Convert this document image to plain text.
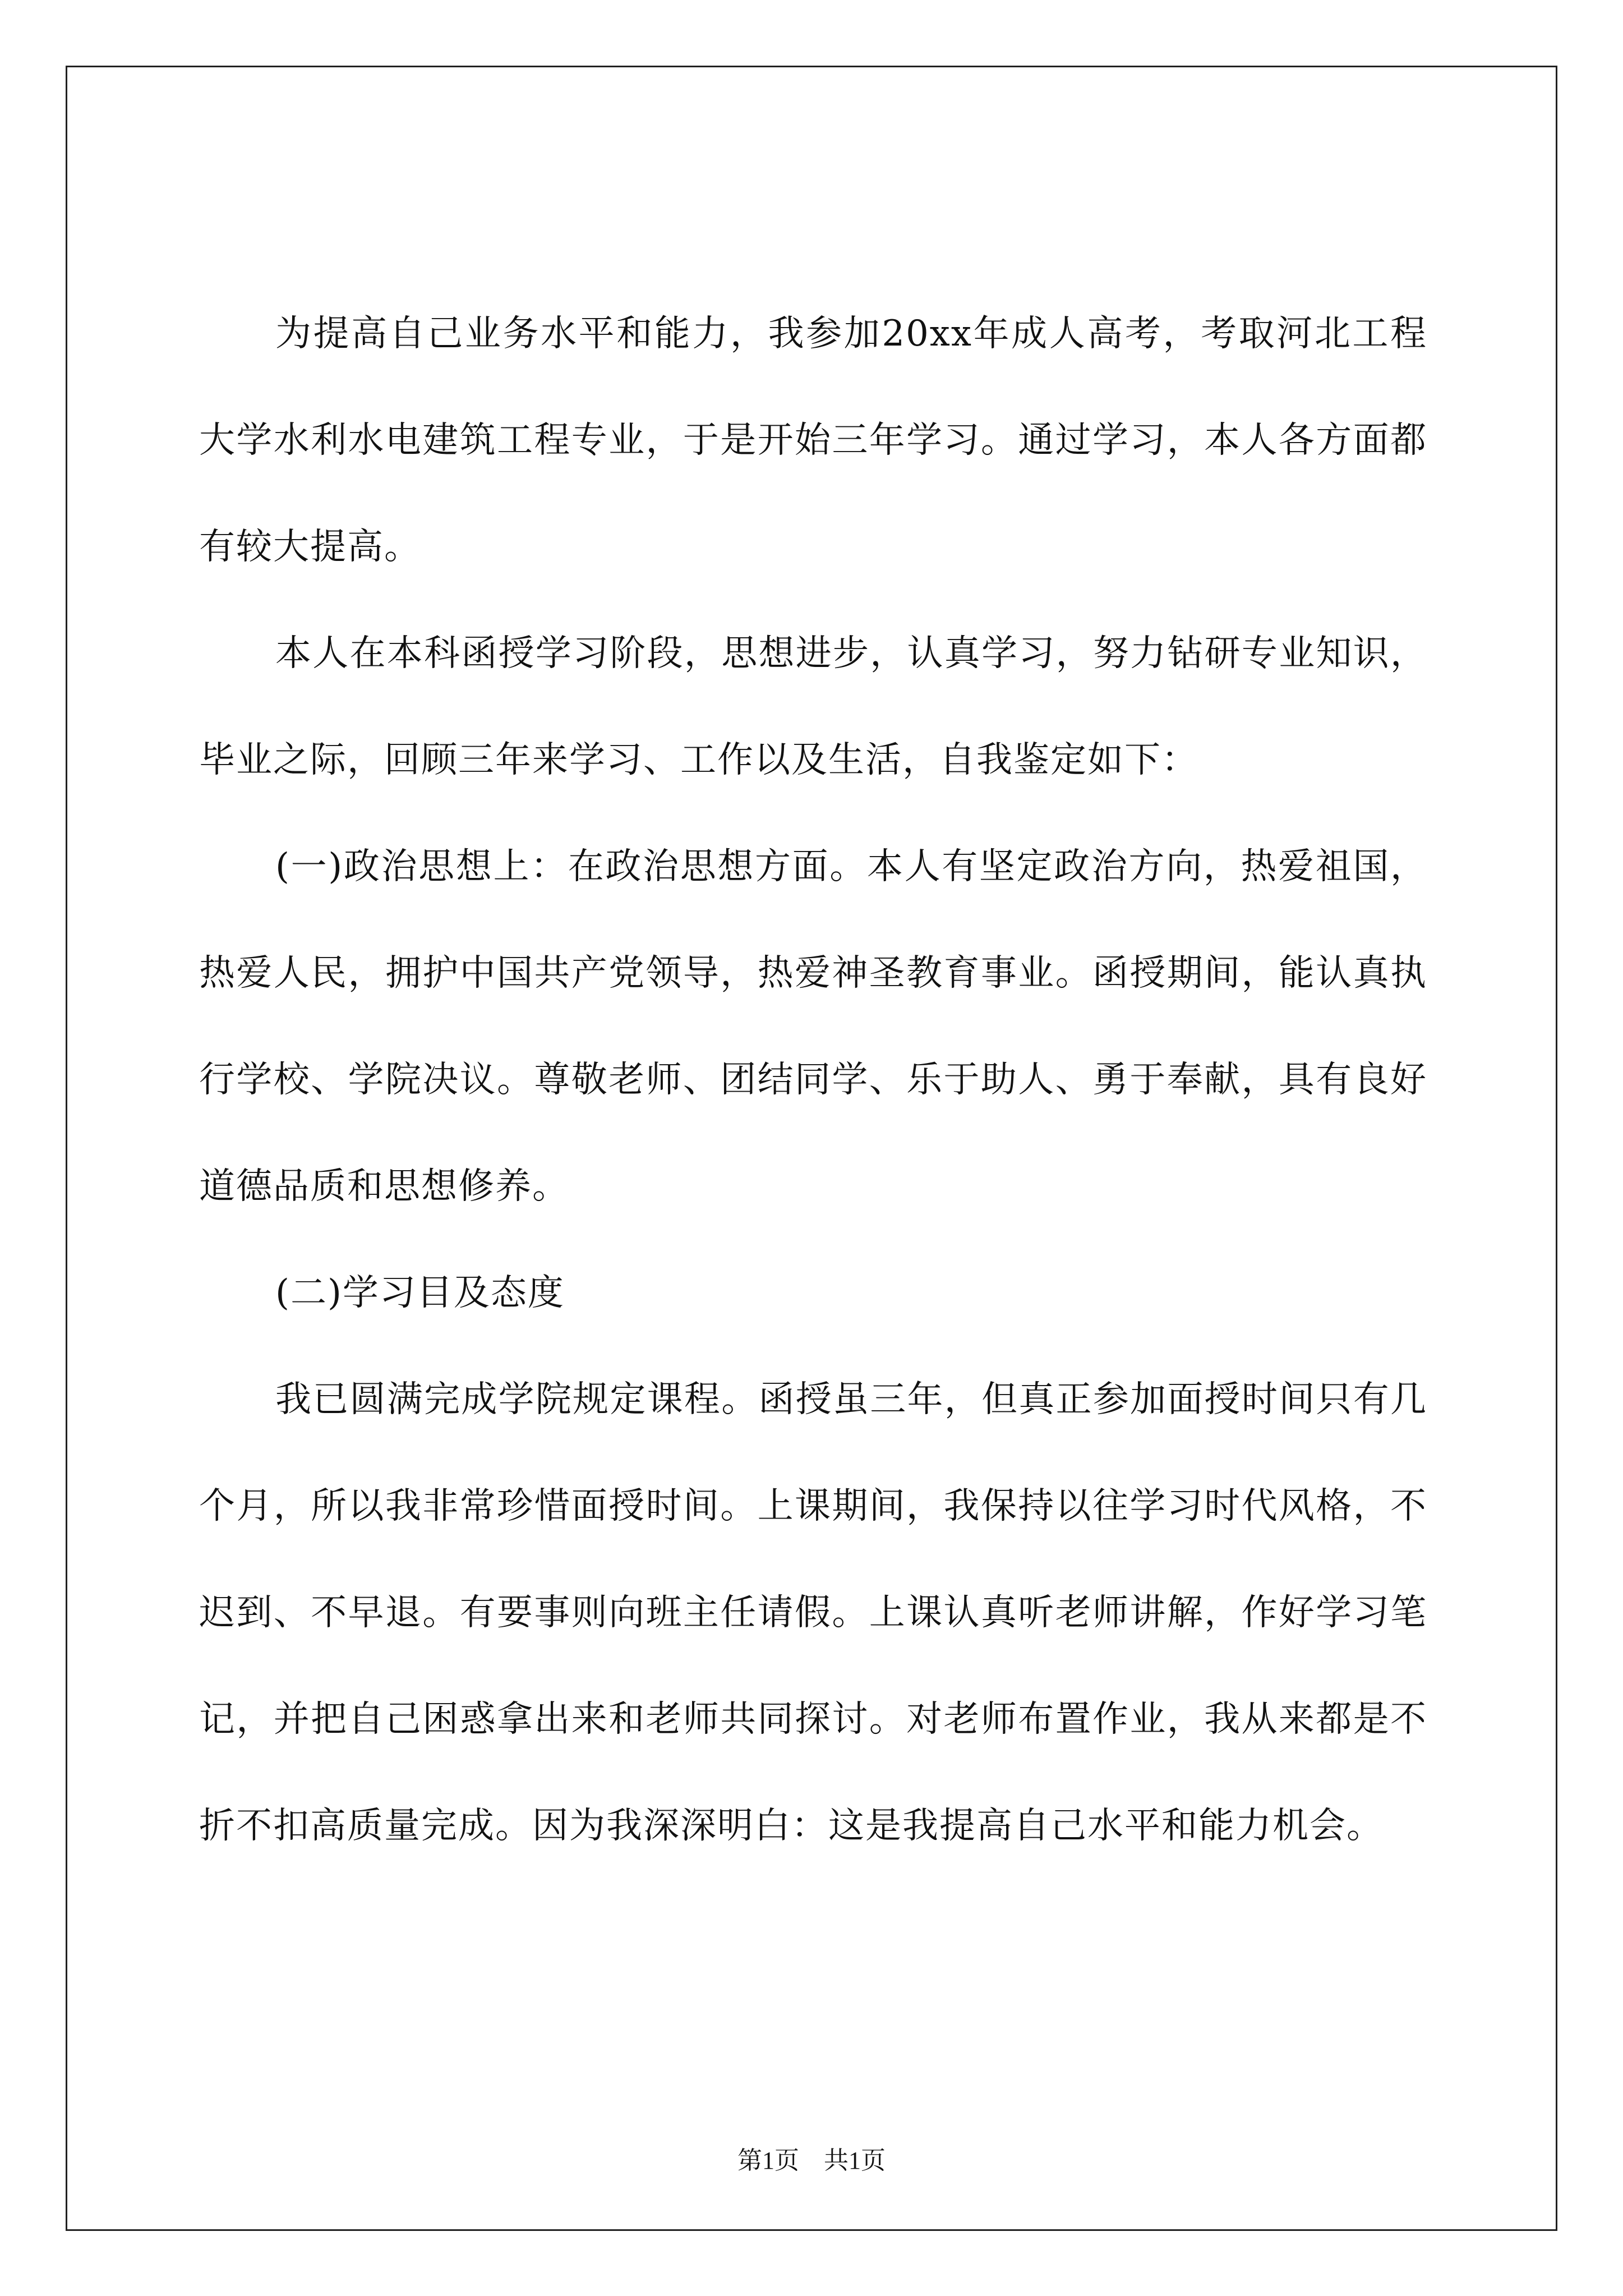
为提高自己业务水平和能力，我参加20xx年成人高考，考取河北工程大学水利水电建筑工程专业，于是开始三年学习。通过学习，本人各方面都有较大提高。

本人在本科函授学习阶段，思想进步，认真学习，努力钻研专业知识，毕业之际，回顾三年来学习、工作以及生活，自我鉴定如下：

(一)政治思想上：在政治思想方面。本人有坚定政治方向，热爱祖国，热爱人民，拥护中国共产党领导，热爱神圣教育事业。函授期间，能认真执行学校、学院决议。尊敬老师、团结同学、乐于助人、勇于奉献，具有良好道德品质和思想修养。

(二)学习目及态度

我已圆满完成学院规定课程。函授虽三年，但真正参加面授时间只有几个月，所以我非常珍惜面授时间。上课期间，我保持以往学习时代风格，不迟到、不早退。有要事则向班主任请假。上课认真听老师讲解，作好学习笔记，并把自己困惑拿出来和老师共同探讨。对老师布置作业，我从来都是不折不扣高质量完成。因为我深深明白：这是我提高自己水平和能力机会。

第1页　共1页
